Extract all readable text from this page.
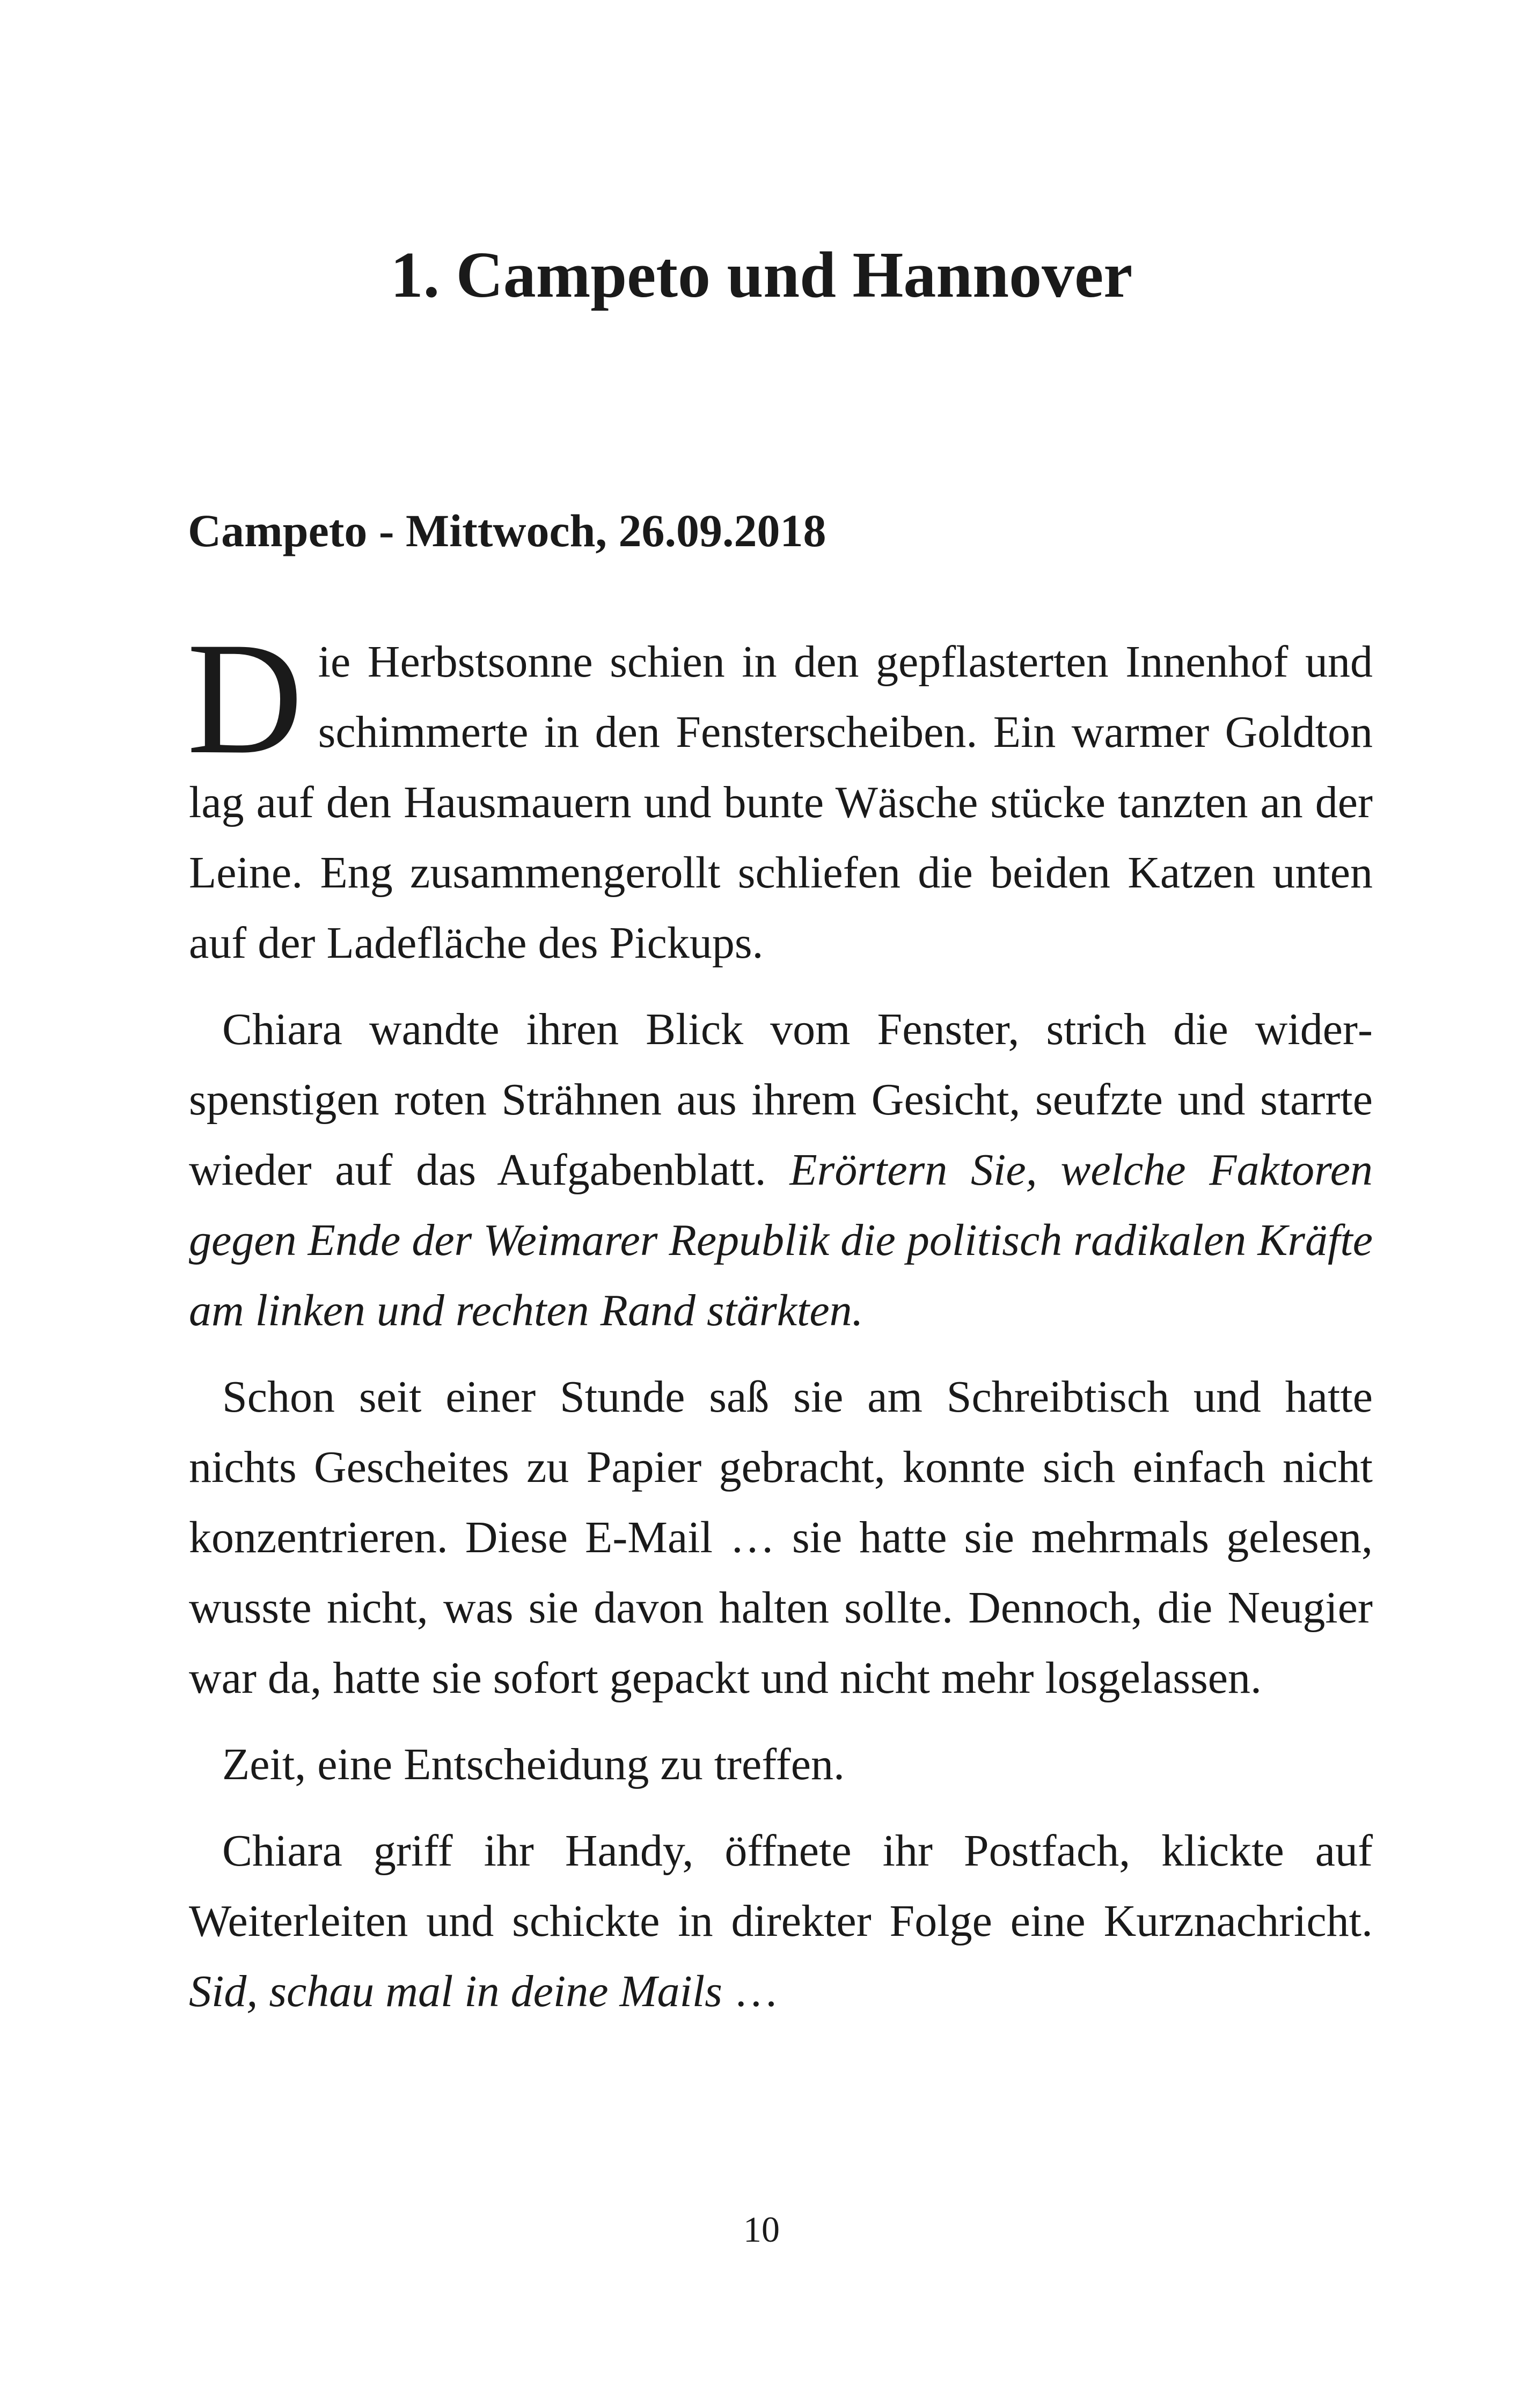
1. Campeto und Hannover
Campeto - Mittwoch, 26.09.2018

Die Herbstsonne schien in den gepflasterten Innenhof und schimmerte in den Fensterscheiben. Ein warmer Goldton lag auf den Hausmauern und bunte Wäsche stücke tanzten an der Leine. Eng zusammengerollt schliefen die beiden Katzen unten auf der Ladefläche des Pickups.

Chiara wandte ihren Blick vom Fenster, strich die widerspenstigen roten Strähnen aus ihrem Gesicht, seufzte und starrte wieder auf das Aufgabenblatt. Erörtern Sie, welche Faktoren gegen Ende der Weimarer Republik die politisch radikalen Kräfte am linken und rechten Rand stärkten.

Schon seit einer Stunde saß sie am Schreibtisch und hatte nichts Gescheites zu Papier gebracht, konnte sich einfach nicht konzentrieren. Diese E-Mail … sie hatte sie mehrmals gelesen, wusste nicht, was sie davon halten sollte. Dennoch, die Neugier war da, hatte sie sofort gepackt und nicht mehr losgelassen.

Zeit, eine Entscheidung zu treffen.

Chiara griff ihr Handy, öffnete ihr Postfach, klickte auf Weiterleiten und schickte in direkter Folge eine Kurznachricht. Sid, schau mal in deine Mails …

10
